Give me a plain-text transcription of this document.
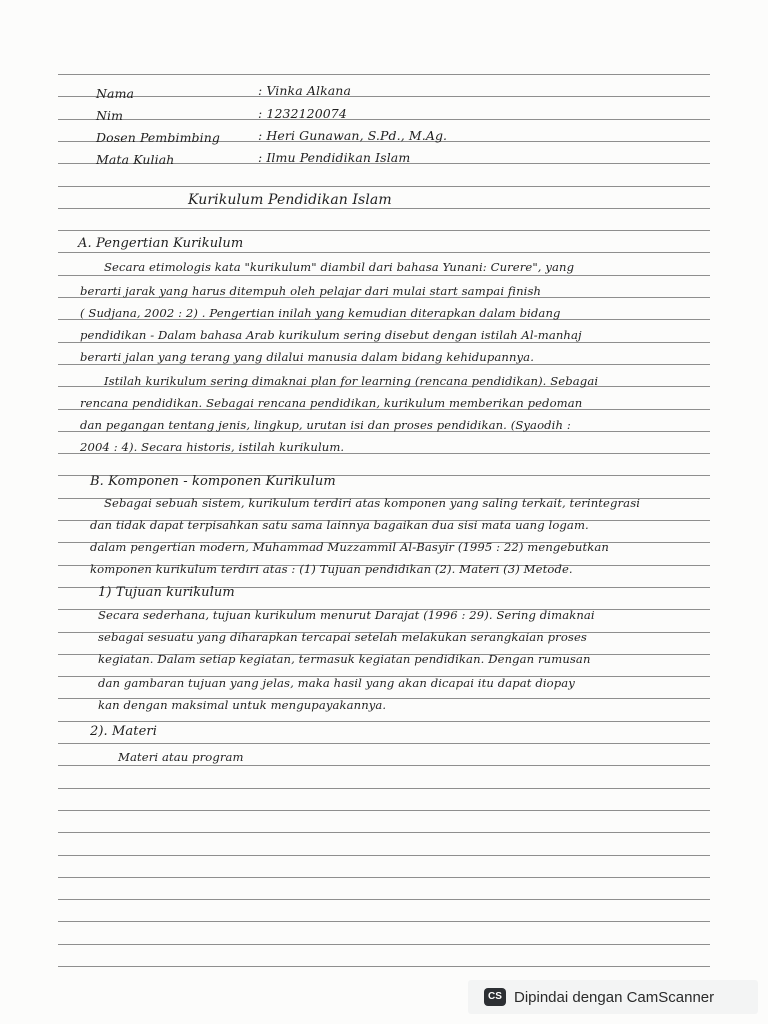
Nama	: Vinka Alkana
Nim	: 1232120074
Dosen Pembimbing	: Heri Gunawan, S.Pd., M.Ag.
Mata Kuliah	: Ilmu Pendidikan Islam
Kurikulum Pendidikan Islam
A. Pengertian Kurikulum
Secara etimologis kata "kurikulum" diambil dari bahasa Yunani: Curere", yang
berarti jarak yang harus ditempuh oleh pelajar dari mulai start sampai finish
( Sudjana, 2002 : 2) . Pengertian inilah yang kemudian diterapkan dalam bidang
pendidikan - Dalam bahasa Arab kurikulum sering disebut dengan istilah Al-manhaj
berarti jalan yang terang yang dilalui manusia dalam bidang kehidupannya.
Istilah kurikulum sering dimaknai plan for learning (rencana pendidikan). Sebagai
rencana pendidikan. Sebagai rencana pendidikan, kurikulum memberikan pedoman
dan pegangan tentang jenis, lingkup, urutan isi dan proses pendidikan. (Syaodih :
2004 : 4). Secara historis, istilah kurikulum.
B. Komponen - komponen Kurikulum
Sebagai sebuah sistem, kurikulum terdiri atas komponen yang saling terkait, terintegrasi
dan tidak dapat terpisahkan satu sama lainnya bagaikan dua sisi mata uang logam.
dalam pengertian modern, Muhammad Muzzammil Al-Basyir (1995 : 22) mengebutkan
komponen kurikulum terdiri atas : (1) Tujuan pendidikan (2). Materi (3) Metode.
1) Tujuan kurikulum
Secara sederhana, tujuan kurikulum menurut Darajat (1996 : 29). Sering dimaknai
sebagai sesuatu yang diharapkan tercapai setelah melakukan serangkaian proses
kegiatan. Dalam setiap kegiatan, termasuk kegiatan pendidikan. Dengan rumusan
dan gambaran tujuan yang jelas, maka hasil yang akan dicapai itu dapat diopay
kan dengan maksimal untuk mengupayakannya.
2). Materi
Materi atau program
CS Dipindai dengan CamScanner
